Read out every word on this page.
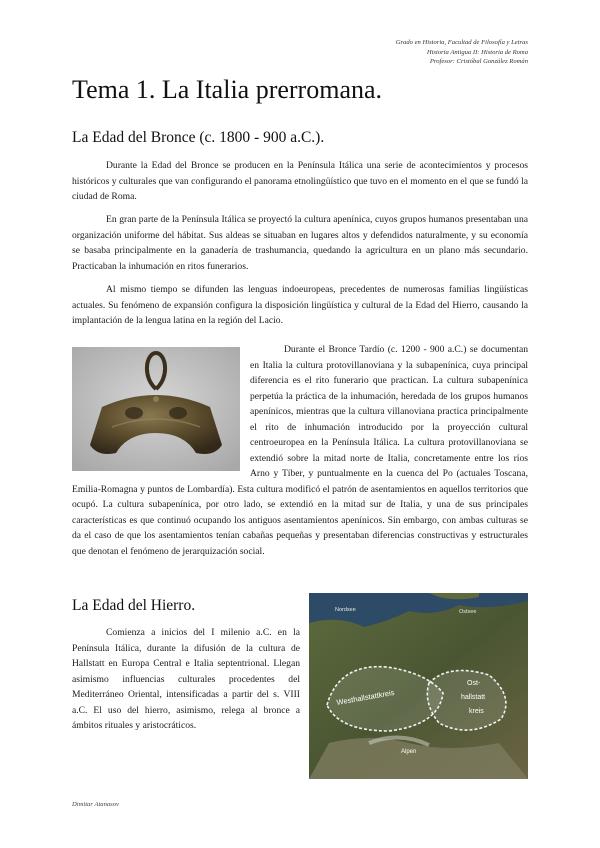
Grado en Historia, Facultad de Filosofía y Letras
Historia Antigua II: Historia de Roma
Profesor: Cristóbal González Román
Tema 1. La Italia prerromana.
La Edad del Bronce (c. 1800 - 900 a.C.).

Durante la Edad del Bronce se producen en la Península Itálica una serie de acontecimientos y procesos históricos y culturales que van configurando el panorama etnolingüístico que tuvo en el momento en el que se fundó la ciudad de Roma.

En gran parte de la Península Itálica se proyectó la cultura apenínica, cuyos grupos humanos presentaban una organización uniforme del hábitat. Sus aldeas se situaban en lugares altos y defendidos naturalmente, y su economía se basaba principalmente en la ganadería de trashumancia, quedando la agricultura en un plano más secundario. Practicaban la inhumación en ritos funerarios.

Al mismo tiempo se difunden las lenguas indoeuropeas, precedentes de numerosas familias lingüísticas actuales. Su fenómeno de expansión configura la disposición lingüística y cultural de la Edad del Hierro, causando la implantación de la lengua latina en la región del Lacio.

Durante el Bronce Tardío (c. 1200 - 900 a.C.) se documentan en Italia la cultura protovillanoviana y la subapenínica, cuya principal diferencia es el rito funerario que practican. La cultura subapenínica perpetúa la práctica de la inhumación, heredada de los grupos humanos apenínicos, mientras que la cultura villanoviana practica principalmente el rito de inhumación introducido por la proyección cultural centroeuropea en la Península Itálica. La cultura protovillanoviana se extendió sobre la mitad norte de Italia, concretamente entre los ríos Arno y Tíber, y puntualmente en la cuenca del Po (actuales Toscana, Emilia-Romagna y puntos de Lombardía). Esta cultura modificó el patrón de asentamientos en aquellos territorios que ocupó. La cultura subapenínica, por otro lado, se extendió en la mitad sur de Italia, y una de sus principales características es que continuó ocupando los antiguos asentamientos apenínicos. Sin embargo, con ambas culturas se da el caso de que los asentamientos tenían cabañas pequeñas y presentaban diferencias constructivas y estructurales que denotan el fenómeno de jerarquización social.
La Edad del Hierro.

Comienza a inicios del I milenio a.C. en la Península Itálica, durante la difusión de la cultura de Hallstatt en Europa Central e Italia septentrional. Llegan asimismo influencias culturales procedentes del Mediterráneo Oriental, intensificadas a partir del s. VIII a.C. El uso del hierro, asimismo, relega al bronce a ámbitos rituales y aristocráticos.

Westhallstattkreis
Ost-
hallstatt
kreis
Nordsee	Ostsee
Alpen
Dimitar Atanasov
